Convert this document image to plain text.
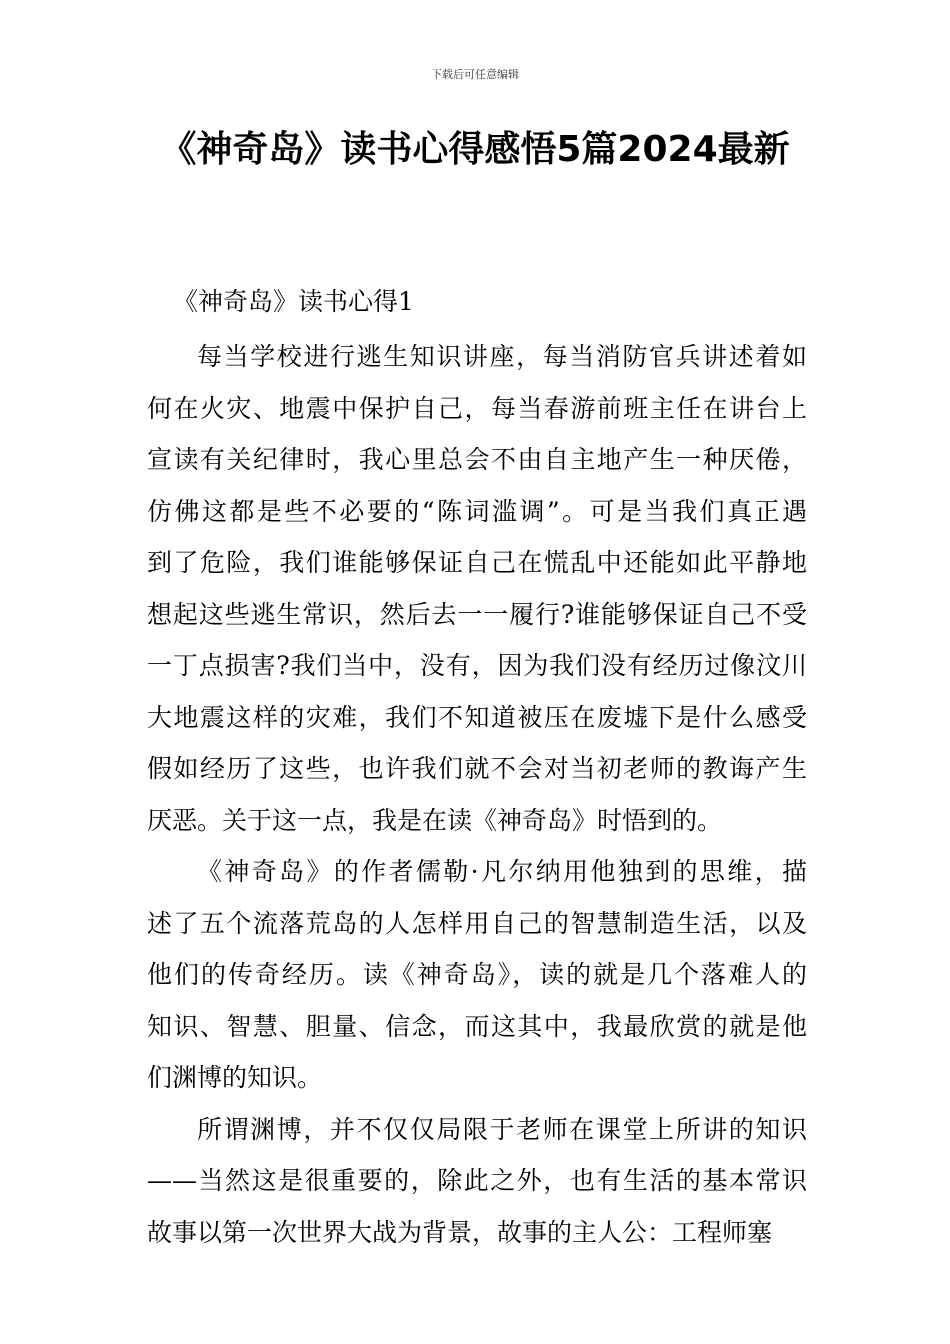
下载后可任意编辑
《神奇岛》读书心得感悟5篇2024最新
《神奇岛》读书心得1
每当学校进行逃生知识讲座，每当消防官兵讲述着如
何在火灾、地震中保护自己，每当春游前班主任在讲台上
宣读有关纪律时，我心里总会不由自主地产生一种厌倦，
仿佛这都是些不必要的“陈词滥调”。可是当我们真正遇
到了危险，我们谁能够保证自己在慌乱中还能如此平静地
想起这些逃生常识，然后去一一履行?谁能够保证自己不受
一丁点损害?我们当中，没有，因为我们没有经历过像汶川
大地震这样的灾难，我们不知道被压在废墟下是什么感受
假如经历了这些，也许我们就不会对当初老师的教诲产生
厌恶。关于这一点，我是在读《神奇岛》时悟到的。
《神奇岛》的作者儒勒·凡尔纳用他独到的思维，描
述了五个流落荒岛的人怎样用自己的智慧制造生活，以及
他们的传奇经历。读《神奇岛》，读的就是几个落难人的
知识、智慧、胆量、信念，而这其中，我最欣赏的就是他
们渊博的知识。
所谓渊博，并不仅仅局限于老师在课堂上所讲的知识
——当然这是很重要的，除此之外，也有生活的基本常识
故事以第一次世界大战为背景，故事的主人公：工程师塞
